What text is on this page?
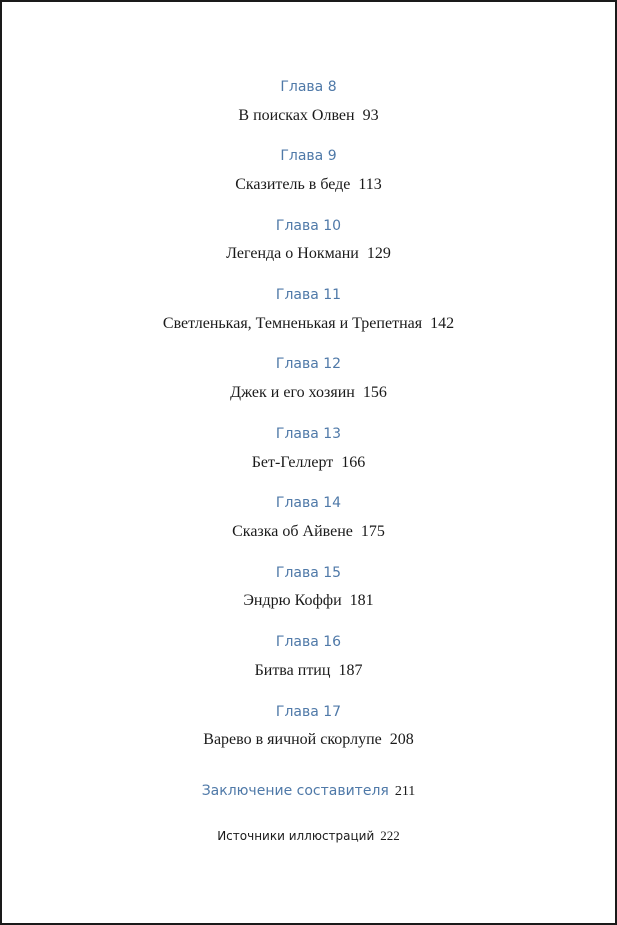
Глава 8
В поисках Олвен 93
Глава 9
Сказитель в беде 113
Глава 10
Легенда о Нокмани 129
Глава 11
Светленькая, Темненькая и Трепетная 142
Глава 12
Джек и его хозяин 156
Глава 13
Бет-Геллерт 166
Глава 14
Сказка об Айвене 175
Глава 15
Эндрю Коффи 181
Глава 16
Битва птиц 187
Глава 17
Варево в яичной скорлупе 208
Заключение составителя 211
Источники иллюстраций 222
